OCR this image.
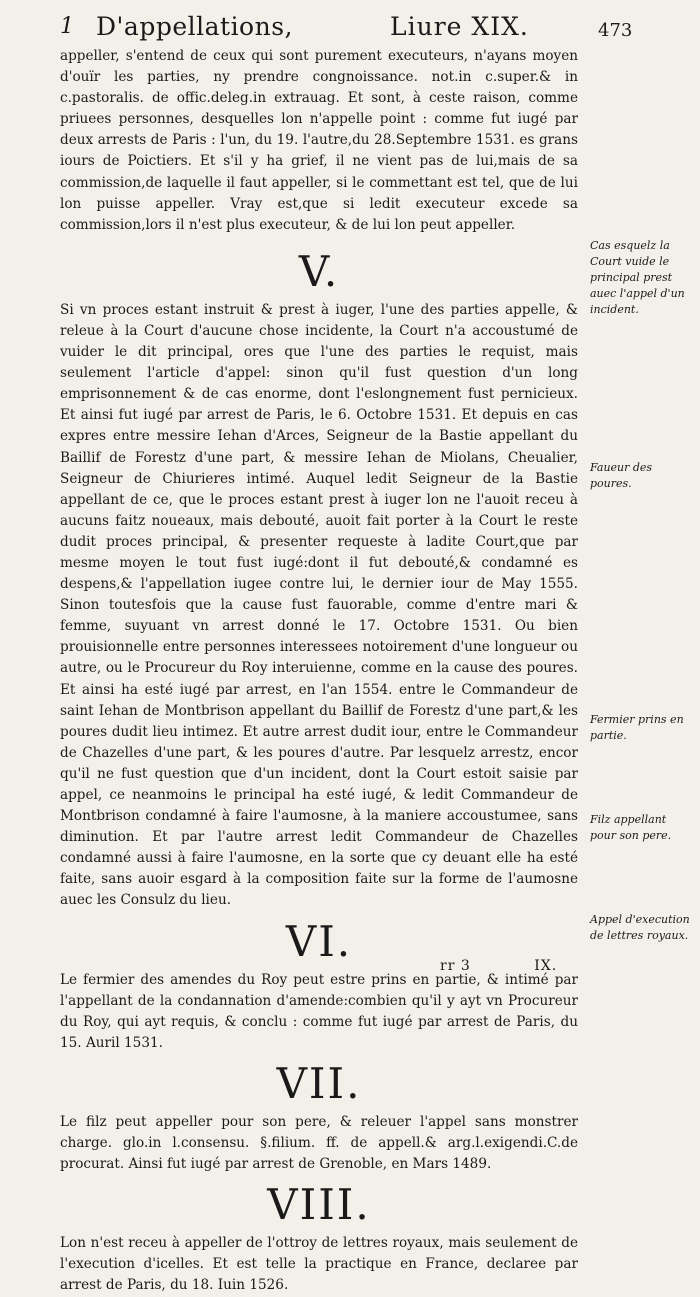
1 D'appellations,	Liure XIX.	473

appeller, s'entend de ceux qui sont purement executeurs, n'ayans moyen d'ouïr les parties, ny prendre congnoissance. not.in c.super.& in c.pastoralis. de offic.deleg.in extrauag. Et sont, à ceste raison, comme priuees personnes, desquelles lon n'appelle point : comme fut iugé par deux arrests de Paris : l'un, du 19. l'autre,du 28.Septembre 1531. es grans iours de Poictiers. Et s'il y ha grief, il ne vient pas de lui,mais de sa commission,de laquelle il faut appeller, si le commettant est tel, que de lui lon puisse appeller. Vray est,que si ledit executeur excede sa commission,lors il n'est plus executeur, & de lui lon peut appeller.

V.

Si vn proces estant instruit & prest à iuger, l'une des parties appelle, & releue à la Court d'aucune chose incidente, la Court n'a accoustumé de vuider le dit principal, ores que l'une des parties le requist, mais seulement l'article d'appel: sinon qu'il fust question d'un long emprisonnement & de cas enorme, dont l'eslongnement fust pernicieux. Et ainsi fut iugé par arrest de Paris, le 6. Octobre 1531. Et depuis en cas expres entre messire Iehan d'Arces, Seigneur de la Bastie appellant du Baillif de Forestz d'une part, & messire Iehan de Miolans, Cheualier, Seigneur de Chiurieres intimé. Auquel ledit Seigneur de la Bastie appellant de ce, que le proces estant prest à iuger lon ne l'auoit receu à aucuns faitz noueaux, mais debouté, auoit fait porter à la Court le reste dudit proces principal, & presenter requeste à ladite Court,que par mesme moyen le tout fust iugé:dont il fut debouté,& condamné es despens,& l'appellation iugee contre lui, le dernier iour de May 1555. Sinon toutesfois que la cause fust fauorable, comme d'entre mari & femme, suyuant vn arrest donné le 17. Octobre 1531. Ou bien prouisionnelle entre personnes interessees notoirement d'une longueur ou autre, ou le Procureur du Roy interuienne, comme en la cause des poures. Et ainsi ha esté iugé par arrest, en l'an 1554. entre le Commandeur de saint Iehan de Montbrison appellant du Baillif de Forestz d'une part,& les poures dudit lieu intimez. Et autre arrest dudit iour, entre le Commandeur de Chazelles d'une part, & les poures d'autre. Par lesquelz arrestz, encor qu'il ne fust question que d'un incident, dont la Court estoit saisie par appel, ce neanmoins le principal ha esté iugé, & ledit Commandeur de Montbrison condamné à faire l'aumosne, à la maniere accoustumee, sans diminution. Et par l'autre arrest ledit Commandeur de Chazelles condamné aussi à faire l'aumosne, en la sorte que cy deuant elle ha esté faite, sans auoir esgard à la composition faite sur la forme de l'aumosne auec les Consulz du lieu.

VI.

Le fermier des amendes du Roy peut estre prins en partie, & intimé par l'appellant de la condannation d'amende:combien qu'il y ayt vn Procureur du Roy, qui ayt requis, & conclu : comme fut iugé par arrest de Paris, du 15. Auril 1531.

VII.

Le filz peut appeller pour son pere, & releuer l'appel sans monstrer charge. glo.in l.consensu. §.filium. ff. de appell.& arg.l.exigendi.C.de procurat. Ainsi fut iugé par arrest de Grenoble, en Mars 1489.

VIII.

Lon n'est receu à appeller de l'ottroy de lettres royaux, mais seulement de l'execution d'icelles. Et est telle la practique en France, declaree par arrest de Paris, du 18. Iuin 1526.

Cas esquelz la Court vuide le principal prest auec l'appel d'un incident.
Faueur des poures.
Fermier prins en partie.
Filz appellant pour son pere.
Appel d'execution de lettres royaux.
rr 3	IX.
